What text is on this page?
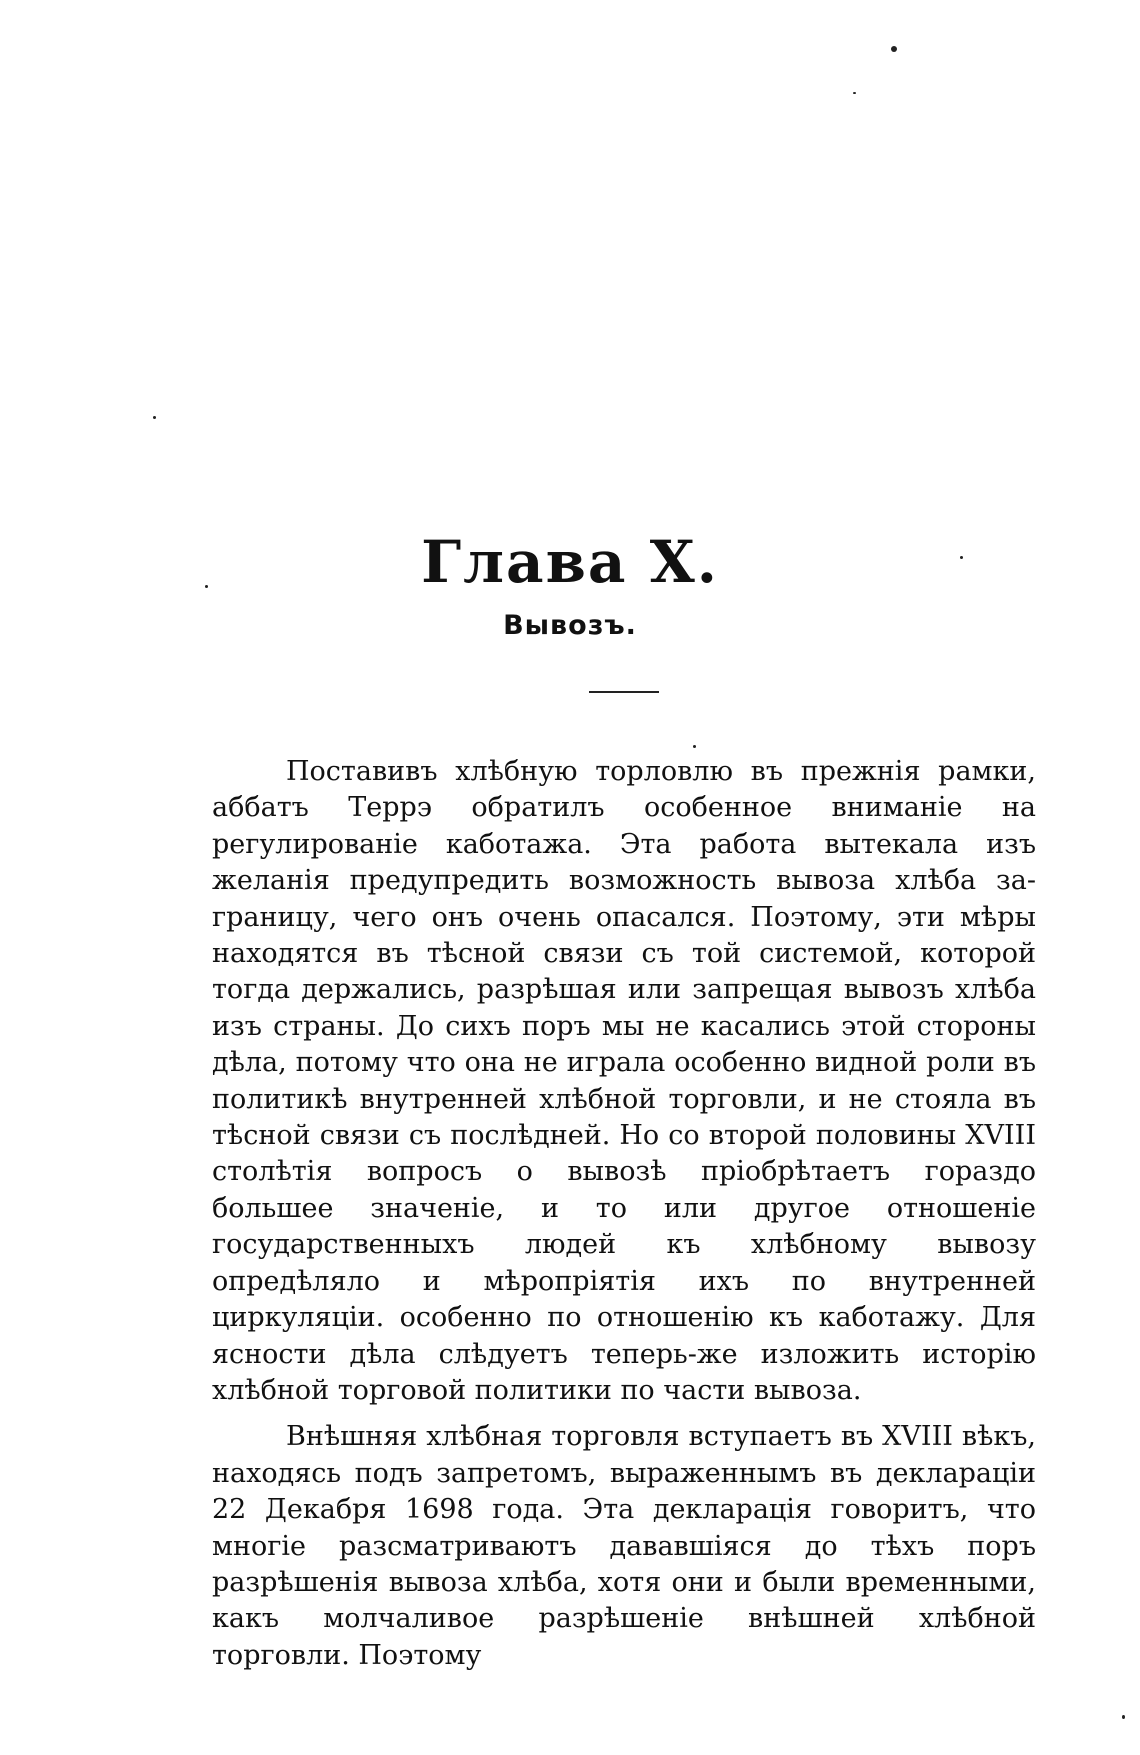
Глава X.
Вывозъ.

Поставивъ хлѣбную торловлю въ прежнія рамки, аббатъ Террэ обратилъ особенное вниманіе на регулированіе каботажа. Эта работа вытекала изъ желанія предупредить возможность вывоза хлѣба за-границу, чего онъ очень опасался. Поэтому, эти мѣры находятся въ тѣсной связи съ той системой, которой тогда держались, разрѣшая или запрещая вывозъ хлѣба изъ страны. До сихъ поръ мы не касались этой стороны дѣла, потому что она не играла особенно видной роли въ политикѣ внутренней хлѣбной торговли, и не стояла въ тѣсной связи съ послѣдней. Но со второй половины XVIII столѣтія вопросъ о вывозѣ пріобрѣтаетъ гораздо большее значеніе, и то или другое отношеніе государственныхъ людей къ хлѣбному вывозу опредѣляло и мѣропріятія ихъ по внутренней циркуляціи. особенно по отношенію къ каботажу. Для ясности дѣла слѣдуетъ теперь-же изложить исторію хлѣбной торговой политики по части вывоза.

Внѣшняя хлѣбная торговля вступаетъ въ XVIII вѣкъ, находясь подъ запретомъ, выраженнымъ въ деклараціи 22 Декабря 1698 года. Эта декларація говоритъ, что многіе разсматриваютъ дававшіяся до тѣхъ поръ разрѣшенія вывоза хлѣба, хотя они и были временными, какъ молчаливое разрѣшеніе внѣшней хлѣбной торговли. Поэтому
